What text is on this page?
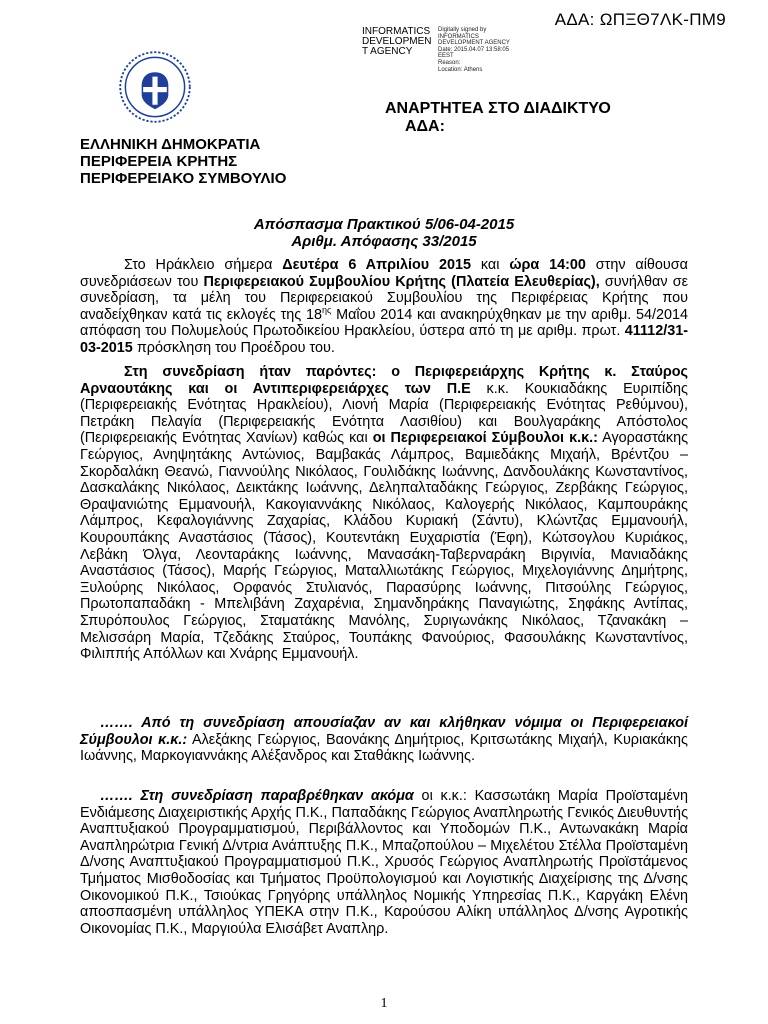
ΑΔΑ: ΩΠΞΘ7ΛΚ-ΠΜ9
INFORMATICS
DEVELOPMEN
T AGENCY
Digitally signed by
INFORMATICS
DEVELOPMENT AGENCY
Date: 2015.04.07 13:58:05
EEST
Reason:
Location: Athens
ΑΝΑΡΤΗΤΕΑ ΣΤΟ ΔΙΑΔΙΚΤΥΟ
ΑΔΑ:
ΕΛΛΗΝΙΚΗ ΔΗΜΟΚΡΑΤΙΑ
ΠΕΡΙΦΕΡΕΙΑ ΚΡΗΤΗΣ
ΠΕΡΙΦΕΡΕΙΑΚΟ ΣΥΜΒΟΥΛΙΟ
Απόσπασμα Πρακτικού 5/06-04-2015
Αριθμ. Απόφασης 33/2015

Στο Ηράκλειο σήμερα Δευτέρα 6 Απριλίου 2015 και ώρα 14:00 στην αίθουσα συνεδριάσεων του Περιφερειακού Συμβουλίου Κρήτης (Πλατεία Ελευθερίας), συνήλθαν σε συνεδρίαση, τα μέλη του Περιφερειακού Συμβουλίου της Περιφέρειας Κρήτης που αναδείχθηκαν κατά τις εκλογές της $18^{\eta\varsigma}$ Μαΐου 2014 και ανακηρύχθηκαν με την αριθμ. 54/2014 απόφαση του Πολυμελούς Πρωτοδικείου Ηρακλείου, ύστερα από τη με αριθμ. πρωτ. 41112/31-03-2015 πρόσκληση του Προέδρου του.

Στη συνεδρίαση ήταν παρόντες: ο Περιφερειάρχης Κρήτης κ. Σταύρος Αρναουτάκης και οι Αντιπεριφερειάρχες των Π.Ε κ.κ. Κουκιαδάκης Ευριπίδης (Περιφερειακής Ενότητας Ηρακλείου), Λιονή Μαρία (Περιφερειακής Ενότητας Ρεθύμνου), Πετράκη Πελαγία (Περιφερειακής Ενότητα Λασιθίου) και Βουλγαράκης Απόστολος (Περιφερειακής Ενότητας Χανίων) καθώς και οι Περιφερειακοί Σύμβουλοι κ.κ.: Αγοραστάκης Γεώργιος, Ανηψητάκης Αντώνιος, Βαμβακάς Λάμπρος, Βαμιεδάκης Μιχαήλ, Βρέντζου – Σκορδαλάκη Θεανώ, Γιαννούλης Νικόλαος, Γουλιδάκης Ιωάννης, Δανδουλάκης Κωνσταντίνος, Δασκαλάκης Νικόλαος, Δεικτάκης Ιωάννης, Δεληπαλταδάκης Γεώργιος, Ζερβάκης Γεώργιος, Θραψανιώτης Εμμανουήλ, Κακογιαννάκης Νικόλαος, Καλογερής Νικόλαος, Καμπουράκης Λάμπρος, Κεφαλογιάννης Ζαχαρίας, Κλάδου Κυριακή (Σάντυ), Κλώντζας Εμμανουήλ, Κουρουπάκης Αναστάσιος (Τάσος), Κουτεντάκη Ευχαριστία (Έφη), Κώτσογλου Κυριάκος, Λεβάκη Όλγα, Λεονταράκης Ιωάννης, Μανασάκη-Ταβερναράκη Βιργινία, Μανιαδάκης Αναστάσιος (Τάσος), Μαρής Γεώργιος, Ματαλλιωτάκης Γεώργιος, Μιχελογιάννης Δημήτρης, Ξυλούρης Νικόλαος, Ορφανός Στυλιανός, Παρασύρης Ιωάννης, Πιτσούλης Γεώργιος, Πρωτοπαπαδάκη - Μπελιβάνη Ζαχαρένια, Σημανδηράκης Παναγιώτης, Σηφάκης Αντίπας, Σπυρόπουλος Γεώργιος, Σταματάκης Μανόλης, Συριγωνάκης Νικόλαος, Τζανακάκη – Μελισσάρη Μαρία, Τζεδάκης Σταύρος, Τουπάκης Φανούριος, Φασουλάκης Κωνσταντίνος, Φιλιππής Απόλλων και Χνάρης Εμμανουήλ.

……. Από τη συνεδρίαση απουσίαζαν αν και κλήθηκαν νόμιμα οι Περιφερειακοί Σύμβουλοι κ.κ.: Αλεξάκης Γεώργιος, Βαονάκης Δημήτριος, Κριτσωτάκης Μιχαήλ, Κυριακάκης Ιωάννης, Μαρκογιαννάκης Αλέξανδρος και Σταθάκης Ιωάννης.

……. Στη συνεδρίαση παραβρέθηκαν ακόμα οι κ.κ.: Κασσωτάκη Μαρία Προϊσταμένη Ενδιάμεσης Διαχειριστικής Αρχής Π.Κ., Παπαδάκης Γεώργιος Αναπληρωτής Γενικός Διευθυντής Αναπτυξιακού Προγραμματισμού, Περιβάλλοντος και Υποδομών Π.Κ., Αντωνακάκη Μαρία Αναπληρώτρια Γενική Δ/ντρια Ανάπτυξης Π.Κ., Μπαζοπούλου – Μιχελέτου Στέλλα Προϊσταμένη Δ/νσης Αναπτυξιακού Προγραμματισμού Π.Κ., Χρυσός Γεώργιος Αναπληρωτής Προϊστάμενος Τμήματος Μισθοδοσίας και Τμήματος Προϋπολογισμού και Λογιστικής Διαχείρισης της Δ/νσης Οικονομικού Π.Κ., Τσιούκας Γρηγόρης υπάλληλος Νομικής Υπηρεσίας Π.Κ., Καργάκη Ελένη αποσπασμένη υπάλληλος ΥΠΕΚΑ στην Π.Κ., Καρούσου Αλίκη υπάλληλος Δ/νσης Αγροτικής Οικονομίας Π.Κ., Μαργιούλα Ελισάβετ Αναπληρ.

1
